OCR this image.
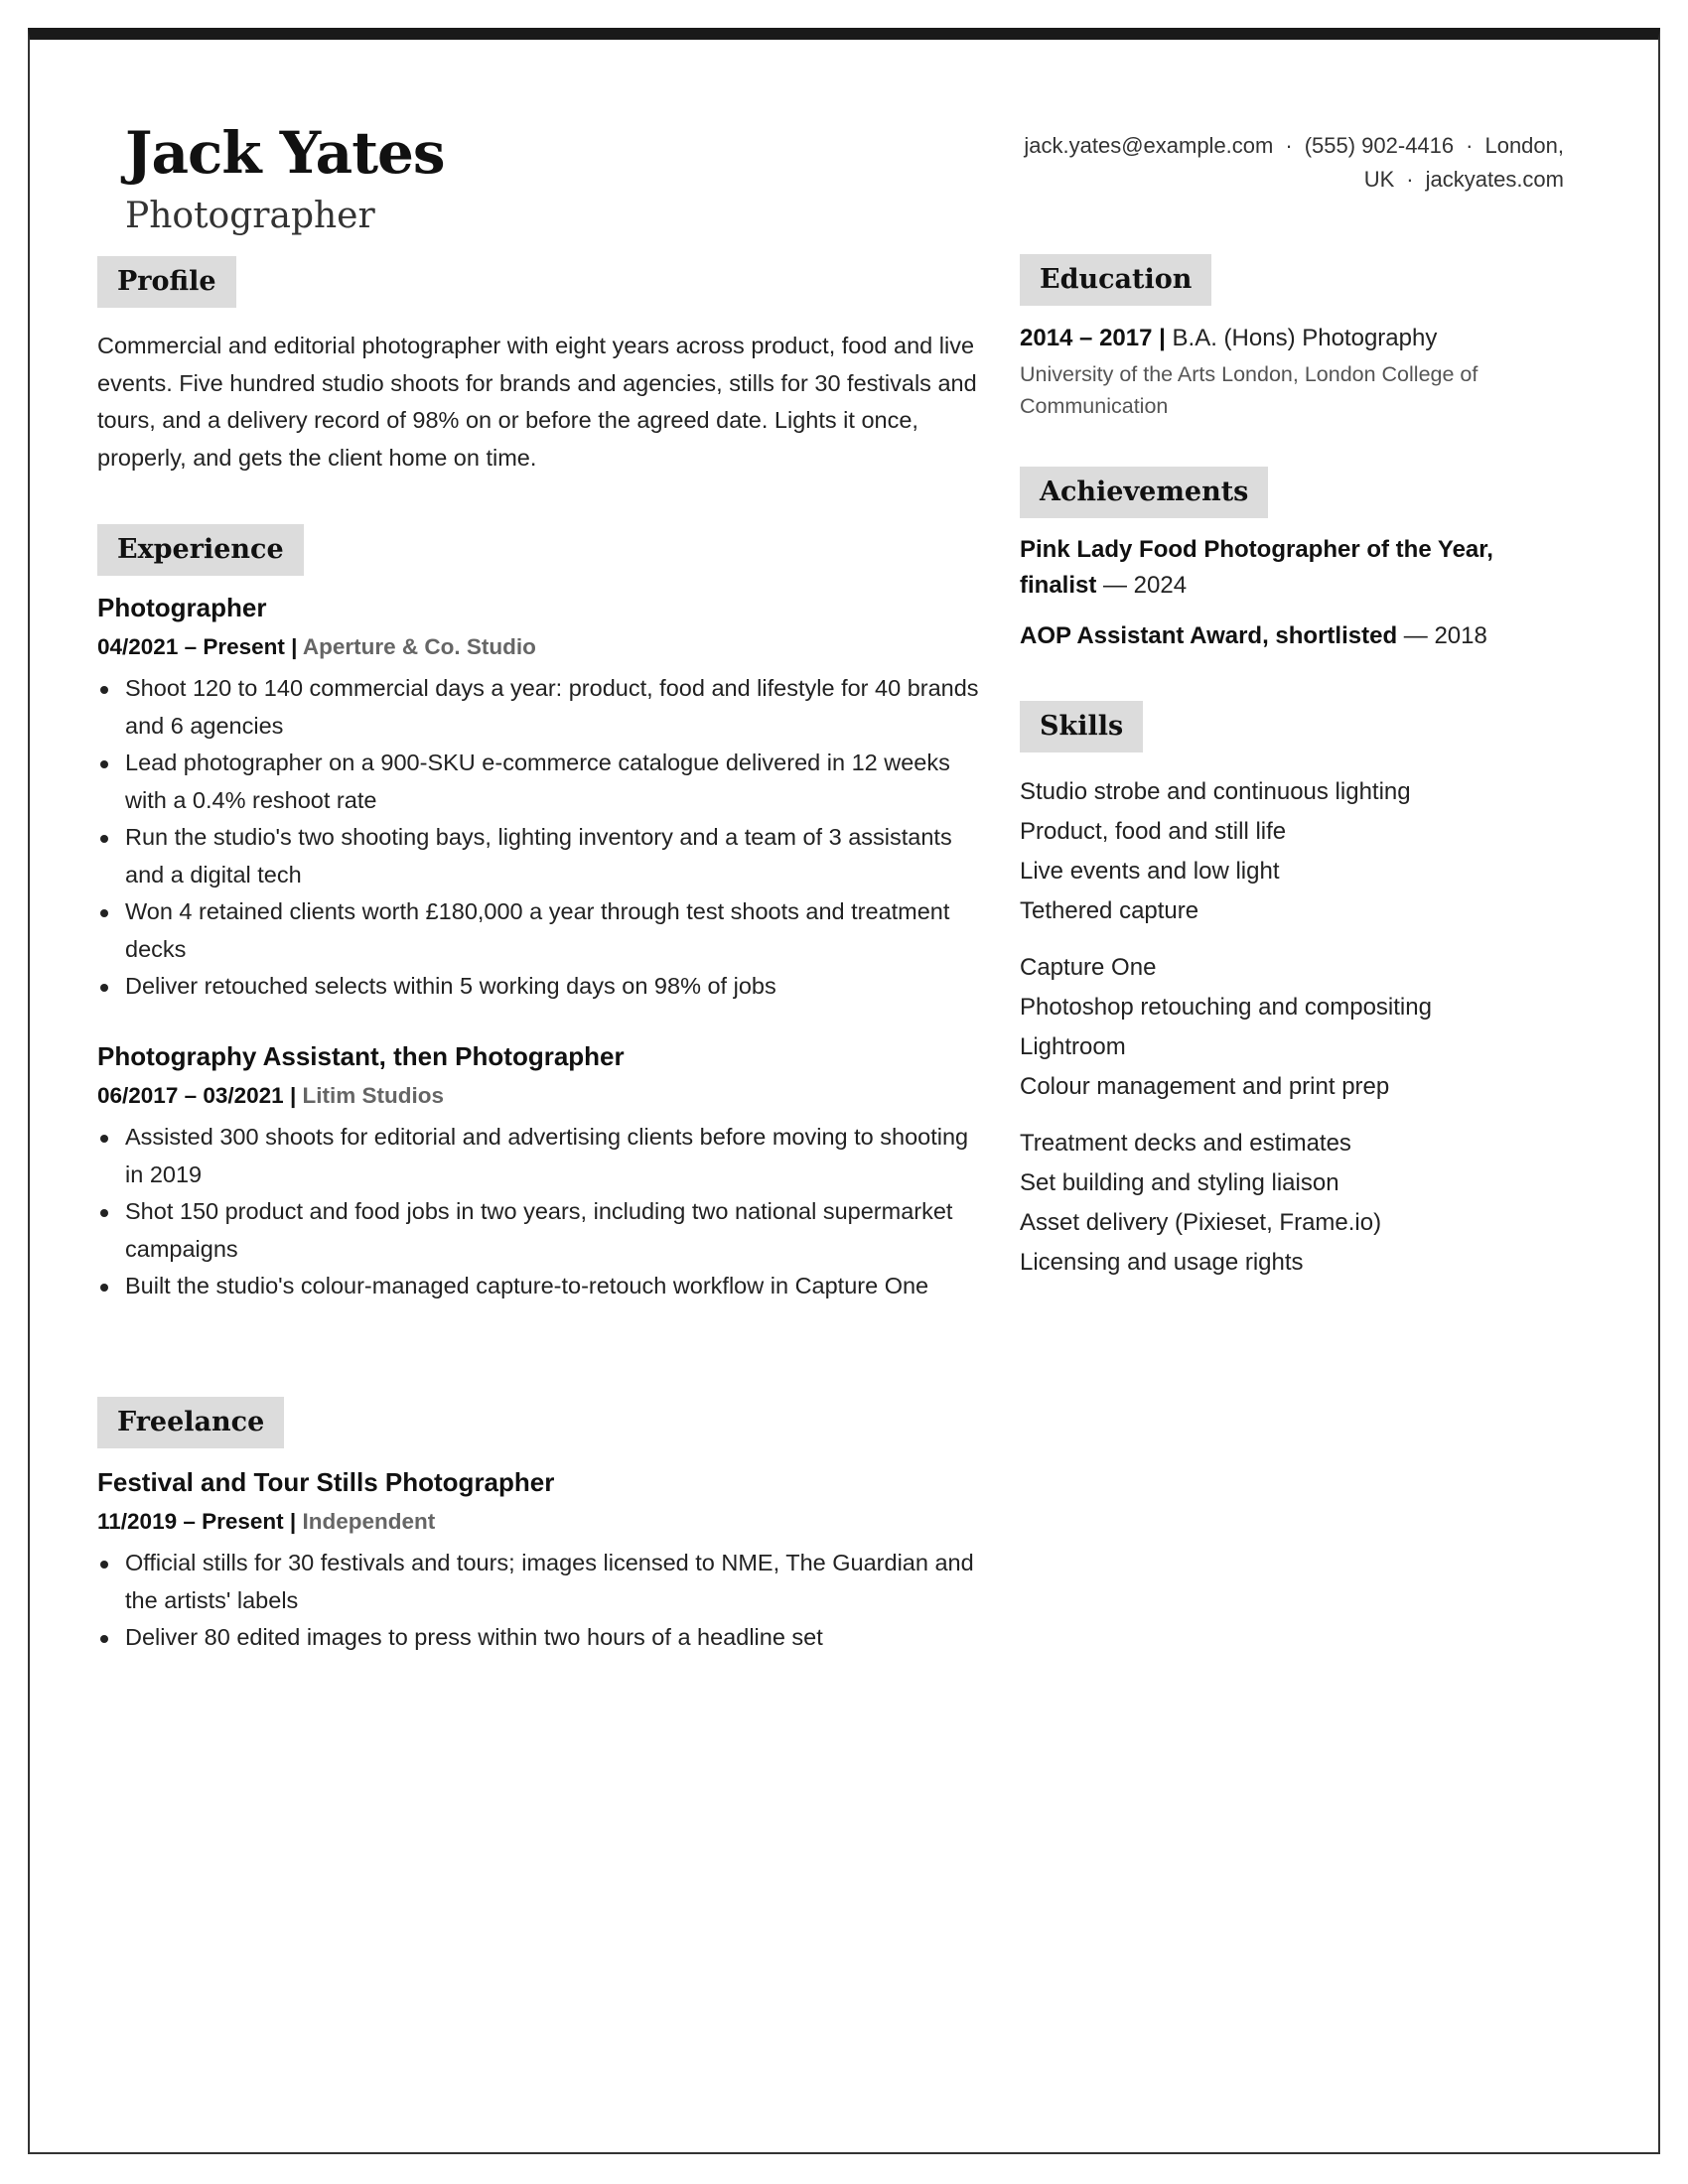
Jack Yates
Photographer
jack.yates@example.com · (555) 902-4416 · London, UK · jackyates.com
Profile

Commercial and editorial photographer with eight years across product, food and live events. Five hundred studio shoots for brands and agencies, stills for 30 festivals and tours, and a delivery record of 98% on or before the agreed date. Lights it once, properly, and gets the client home on time.

Experience
Photographer

04/2021 – Present | Aperture & Co. Studio

Shoot 120 to 140 commercial days a year: product, food and lifestyle for 40 brands and 6 agencies
Lead photographer on a 900-SKU e-commerce catalogue delivered in 12 weeks with a 0.4% reshoot rate
Run the studio's two shooting bays, lighting inventory and a team of 3 assistants and a digital tech
Won 4 retained clients worth £180,000 a year through test shoots and treatment decks
Deliver retouched selects within 5 working days on 98% of jobs
Photography Assistant, then Photographer

06/2017 – 03/2021 | Litim Studios

Assisted 300 shoots for editorial and advertising clients before moving to shooting in 2019
Shot 150 product and food jobs in two years, including two national supermarket campaigns
Built the studio's colour-managed capture-to-retouch workflow in Capture One
Freelance
Festival and Tour Stills Photographer

11/2019 – Present | Independent

Official stills for 30 festivals and tours; images licensed to NME, The Guardian and the artists' labels
Deliver 80 edited images to press within two hours of a headline set
Education

2014 – 2017 | B.A. (Hons) Photography

University of the Arts London, London College of Communication

Achievements

Pink Lady Food Photographer of the Year, finalist — 2024

AOP Assistant Award, shortlisted — 2018

Skills
Studio strobe and continuous lighting
Product, food and still life
Live events and low light
Tethered capture
Capture One
Photoshop retouching and compositing
Lightroom
Colour management and print prep
Treatment decks and estimates
Set building and styling liaison
Asset delivery (Pixieset, Frame.io)
Licensing and usage rights
